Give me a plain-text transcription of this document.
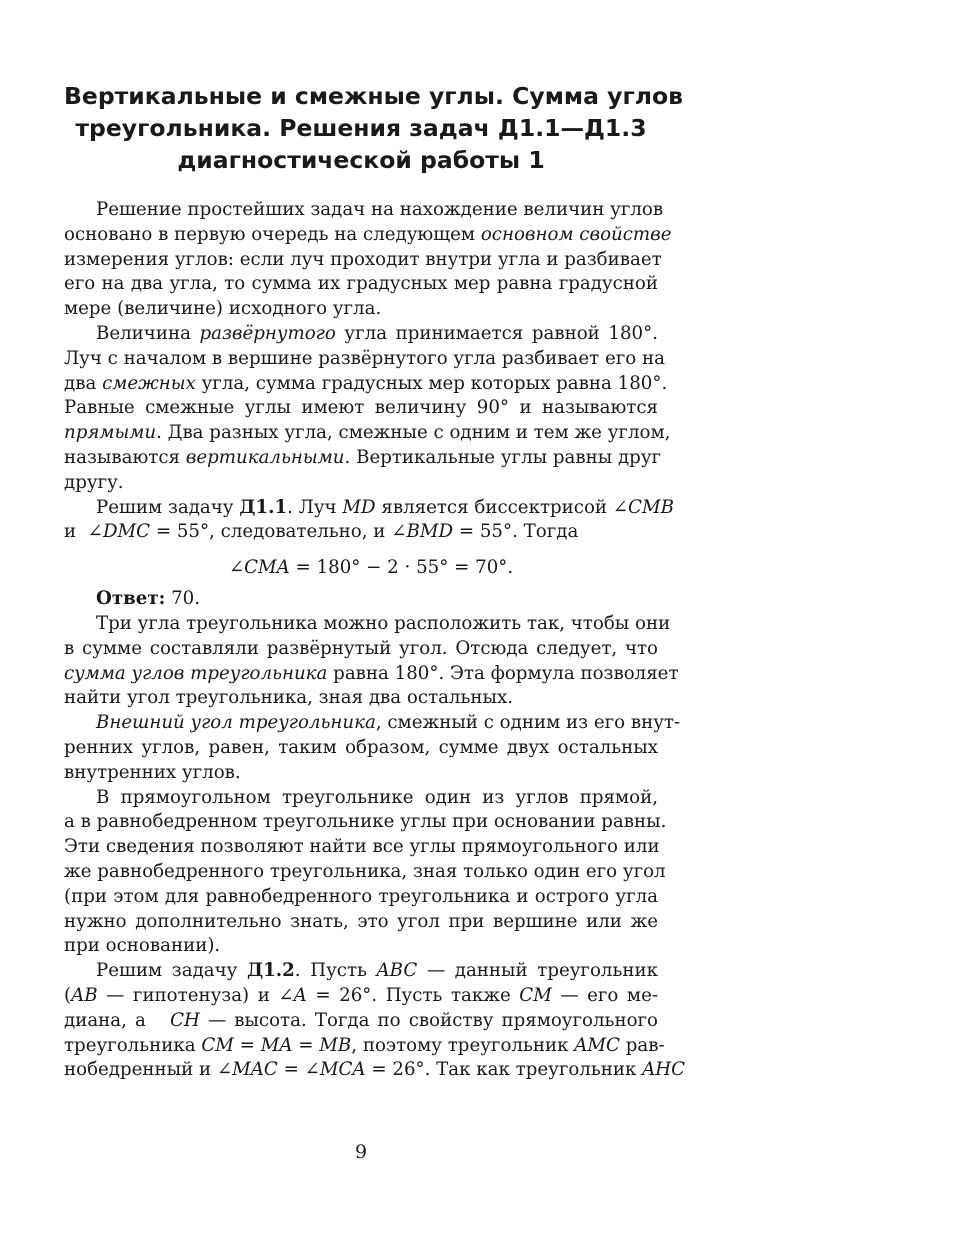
Вертикальные и смежные углы. Сумма углов
треугольника. Решения задач Д1.1—Д1.3
диагностической работы 1
Решение простейших задач на нахождение величин углов
основано в первую очередь на следующем основном свойстве
измерения углов: если луч проходит внутри угла и разбивает
его на два угла, то сумма их градусных мер равна градусной
мере (величине) исходного угла.
Величина развёрнутого угла принимается равной 180°.
Луч с началом в вершине развёрнутого угла разбивает его на
два смежных угла, сумма градусных мер которых равна 180°.
Равные смежные углы имеют величину 90° и называются
прямыми. Два разных угла, смежные с одним и тем же углом,
называются вертикальными. Вертикальные углы равны друг
другу.
Решим задачу Д1.1. Луч MD является биссектрисой ∠CMB
и  ∠DMC = 55°, следовательно, и ∠BMD = 55°. Тогда
∠CMA = 180° − 2 · 55° = 70°.
Ответ: 70.
Три угла треугольника можно расположить так, чтобы они
в сумме составляли развёрнутый угол. Отсюда следует, что
сумма углов треугольника равна 180°. Эта формула позволяет
найти угол треугольника, зная два остальных.
Внешний угол треугольника, смежный с одним из его внут-
ренних углов, равен, таким образом, сумме двух остальных
внутренних углов.
В прямоугольном треугольнике один из углов прямой,
а в равнобедренном треугольнике углы при основании равны.
Эти сведения позволяют найти все углы прямоугольного или
же равнобедренного треугольника, зная только один его угол
(при этом для равнобедренного треугольника и острого угла
нужно дополнительно знать, это угол при вершине или же
при основании).
Решим задачу Д1.2. Пусть ABC — данный треугольник
(AB — гипотенуза) и ∠A = 26°. Пусть также CM — его ме-
диана, а   CH — высота. Тогда по свойству прямоугольного
треугольника CM = MA = MB, поэтому треугольник AMC рав-
нобедренный и ∠MAC = ∠MCA = 26°. Так как треугольник AHC
9
